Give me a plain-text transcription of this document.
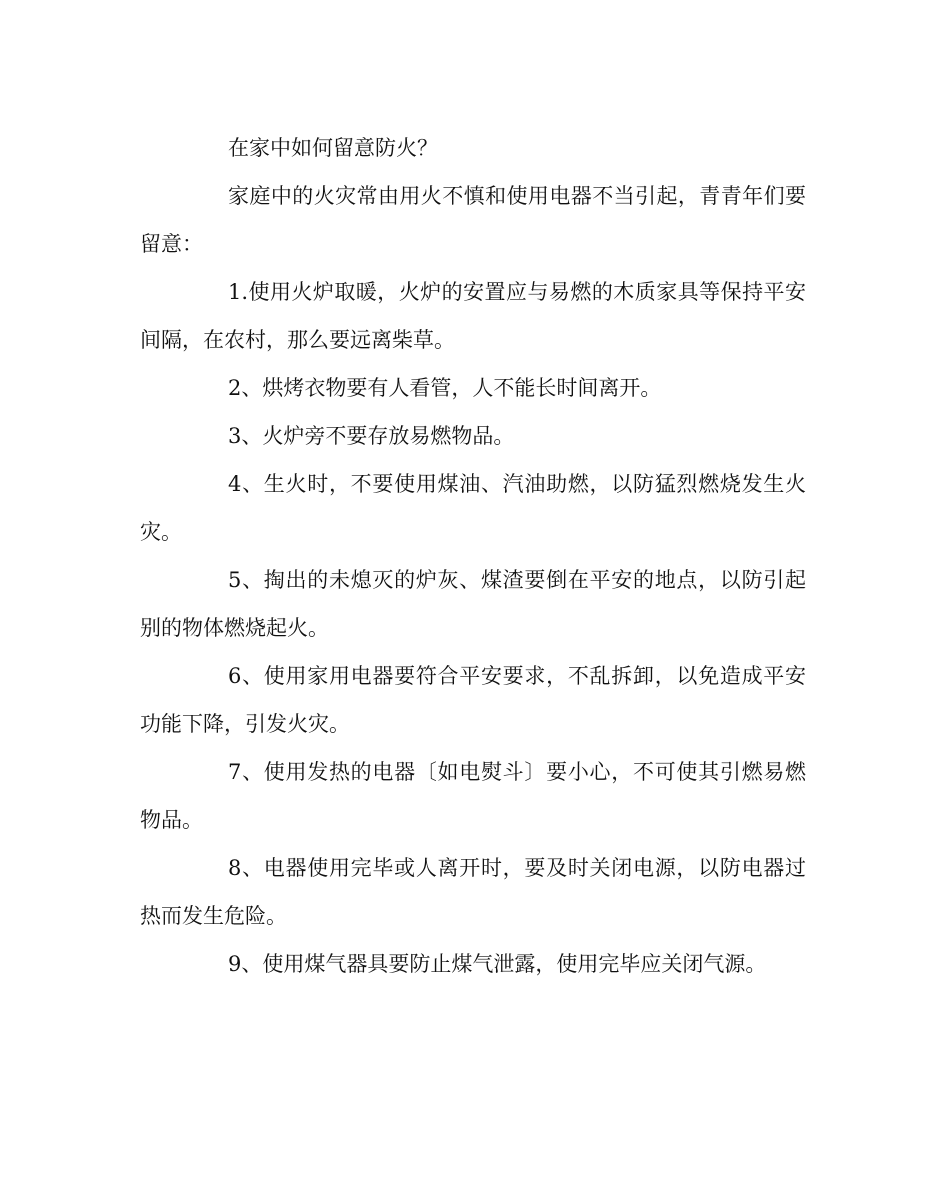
在家中如何留意防火？

家庭中的火灾常由用火不慎和使用电器不当引起，青青年们要留意：

1.使用火炉取暖，火炉的安置应与易燃的木质家具等保持平安间隔，在农村，那么要远离柴草。

2、烘烤衣物要有人看管，人不能长时间离开。

3、火炉旁不要存放易燃物品。

4、生火时，不要使用煤油、汽油助燃，以防猛烈燃烧发生火灾。

5、掏出的未熄灭的炉灰、煤渣要倒在平安的地点，以防引起别的物体燃烧起火。

6、使用家用电器要符合平安要求，不乱拆卸，以免造成平安功能下降，引发火灾。

7、使用发热的电器〔如电熨斗〕要小心，不可使其引燃易燃物品。

8、电器使用完毕或人离开时，要及时关闭电源，以防电器过热而发生危险。

9、使用煤气器具要防止煤气泄露，使用完毕应关闭气源。
